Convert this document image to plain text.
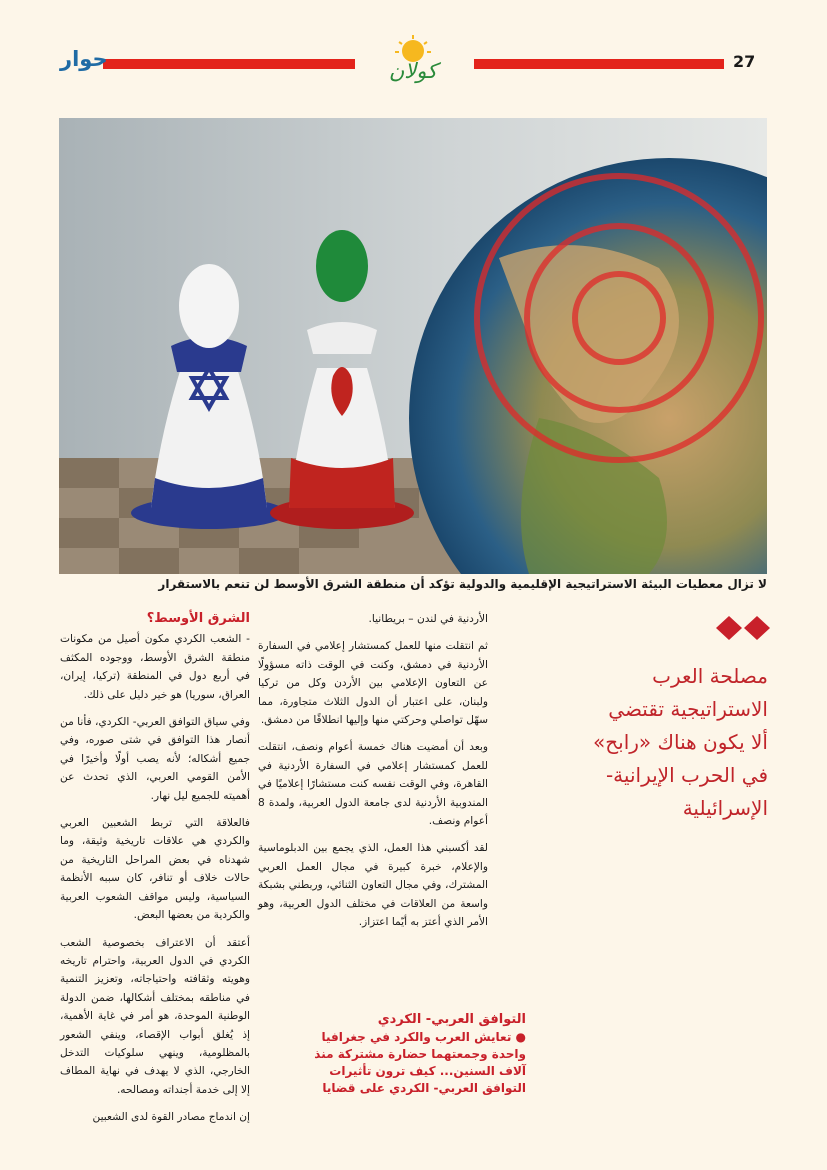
27
كولان
حوار
لا تزال معطيات البيئة الاستراتيجية الإقليمية والدولية تؤكد أن منطقة الشرق الأوسط لن تنعم بالاستقرار
مصلحة العرب
الاستراتيجية تقتضي
ألا يكون هناك «رابح»
في الحرب الإيرانية-
الإسرائيلية

الأردنية في لندن – بريطانيا.

ثم انتقلت منها للعمل كمستشار إعلامي في السفارة الأردنية في دمشق، وكنت في الوقت ذاته مسؤولًا عن التعاون الإعلامي بين الأردن وكل من تركيا ولبنان، على اعتبار أن الدول الثلاث متجاورة، مما سهّل تواصلي وحركتي منها وإليها انطلاقًا من دمشق.

وبعد أن أمضيت هناك خمسة أعوام ونصف، انتقلت للعمل كمستشار إعلامي في السفارة الأردنية في القاهرة، وفي الوقت نفسه كنت مستشارًا إعلاميًا في المندوبية الأردنية لدى جامعة الدول العربية، ولمدة 8 أعوام ونصف.

لقد أكسبني هذا العمل، الذي يجمع بين الدبلوماسية والإعلام، خبرة كبيرة في مجال العمل العربي المشترك، وفي مجال التعاون الثنائي، وربطني بشبكة واسعة من العلاقات في مختلف الدول العربية، وهو الأمر الذي أعتز به أيّما اعتزاز.

التوافق العربي- الكردي
● تعايش العرب والكرد في جغرافيا واحدة وجمعتهما حضارة مشتركة منذ آلاف السنين... كيف ترون تأثيرات التوافق العربي- الكردي على قضايا
الشرق الأوسط؟

- الشعب الكردي مكون أصيل من مكونات منطقة الشرق الأوسط، ووجوده المكثف في أربع دول في المنطقة (تركيا، إيران، العراق، سوريا) هو خير دليل على ذلك.

وفي سياق التوافق العربي- الكردي، فأنا من أنصار هذا التوافق في شتى صوره، وفي جميع أشكاله؛ لأنه يصب أولًا وأخيرًا في الأمن القومي العربي، الذي تحدث عن أهميته للجميع ليل نهار.

فالعلاقة التي تربط الشعبين العربي والكردي هي علاقات تاريخية وثيقة، وما شهدناه في بعض المراحل التاريخية من حالات خلاف أو تنافر، كان سببه الأنظمة السياسية، وليس مواقف الشعوب العربية والكردية من بعضها البعض.

أعتقد أن الاعتراف بخصوصية الشعب الكردي في الدول العربية، واحترام تاريخه وهويته وثقافته واحتياجاته، وتعزيز التنمية في مناطقه بمختلف أشكالها، ضمن الدولة الوطنية الموحدة، هو أمر في غاية الأهمية، إذ يُغلق أبواب الإقصاء، وينفي الشعور بالمظلومية، وينهي سلوكيات التدخل الخارجي، الذي لا يهدف في نهاية المطاف إلا إلى خدمة أجنداته ومصالحه.

إن اندماج مصادر القوة لدى الشعبين
